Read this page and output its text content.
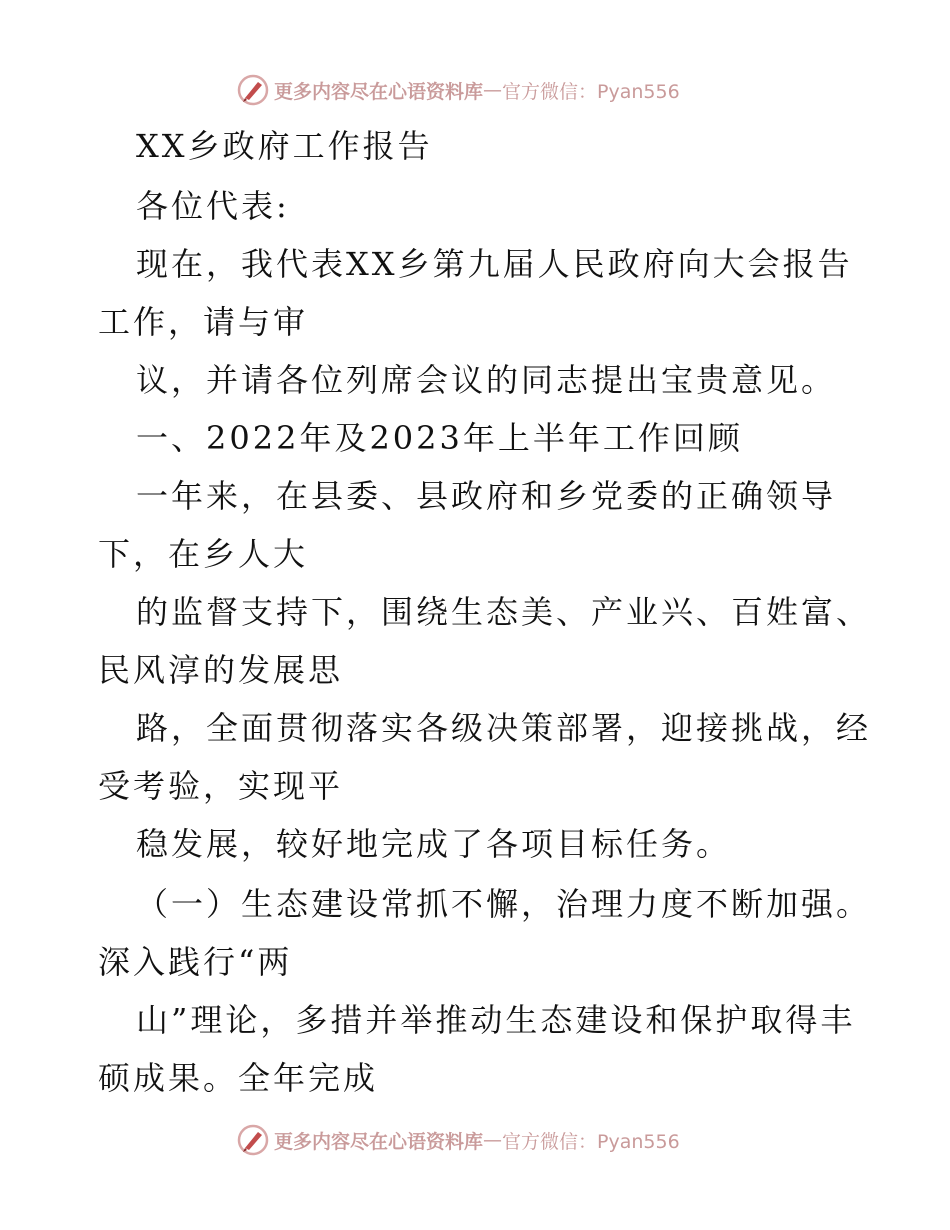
更多内容尽在心语资料库 — 官方微信：Pyan556
XX乡政府工作报告
各位代表:
现在，我代表XX乡第九届人民政府向大会报告
工作，请与审
议，并请各位列席会议的同志提出宝贵意见。
一、2022年及2023年上半年工作回顾
一年来，在县委、县政府和乡党委的正确领导
下，在乡人大
的监督支持下，围绕生态美、产业兴、百姓富、
民风淳的发展思
路，全面贯彻落实各级决策部署，迎接挑战，经
受考验，实现平
稳发展，较好地完成了各项目标任务。
（一）生态建设常抓不懈，治理力度不断加强。
深入践行“两
山”理论，多措并举推动生态建设和保护取得丰
硕成果。全年完成
更多内容尽在心语资料库 — 官方微信：Pyan556
